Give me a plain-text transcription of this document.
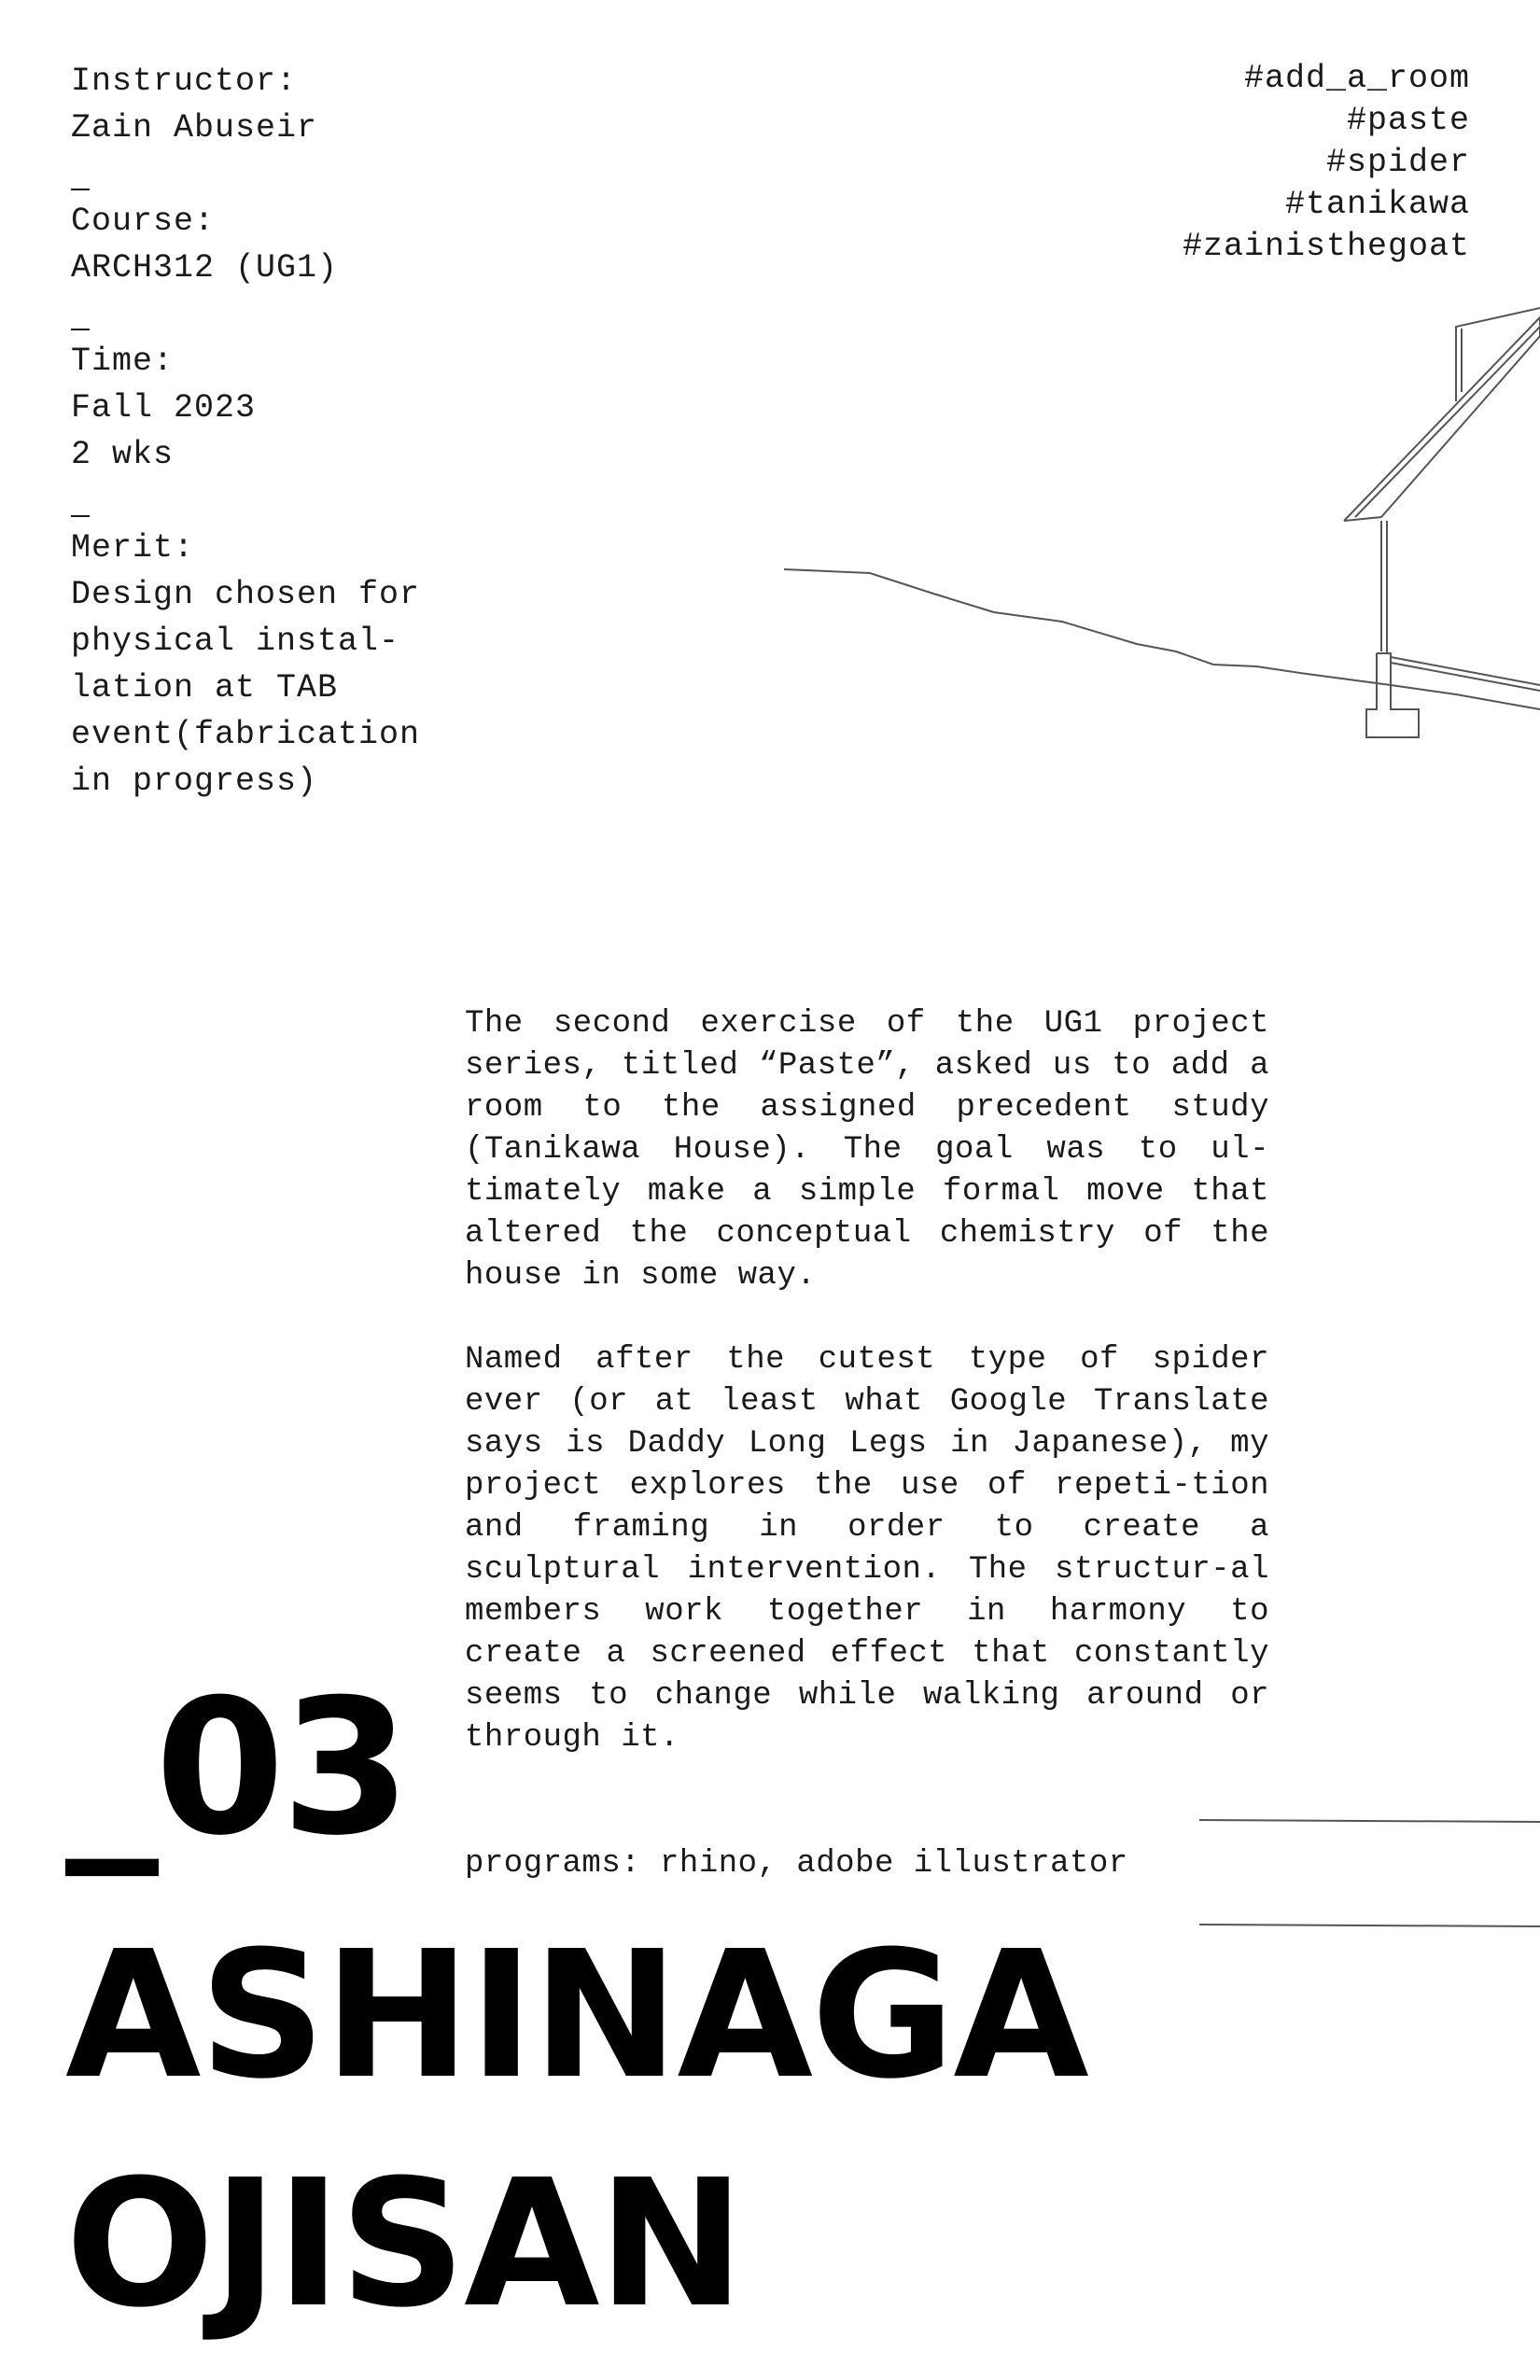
Instructor:
Zain Abuseir
Course:
ARCH312 (UG1)
Time:
Fall 2023
2 wks
Merit:
Design chosen for
physical instal-
lation at TAB
event(fabrication
in progress)
#add_a_room
#paste
#spider
#tanikawa
#zainisthegoat

The second exercise of the UG1 project series, titled “Paste”, asked us to add a room to the assigned precedent study (Tanikawa House). The goal was to ul-timately make a simple formal move that altered the conceptual chemistry of the house in some way.

Named after the cutest type of spider ever (or at least what Google Translate says is Daddy Long Legs in Japanese), my project explores the use of repeti-tion and framing in order to create a sculptural intervention. The structur-al members work together in harmony to create a screened effect that constantly seems to change while walking around or through it.

programs: rhino, adobe illustrator
_03
ASHINAGA
OJISAN
